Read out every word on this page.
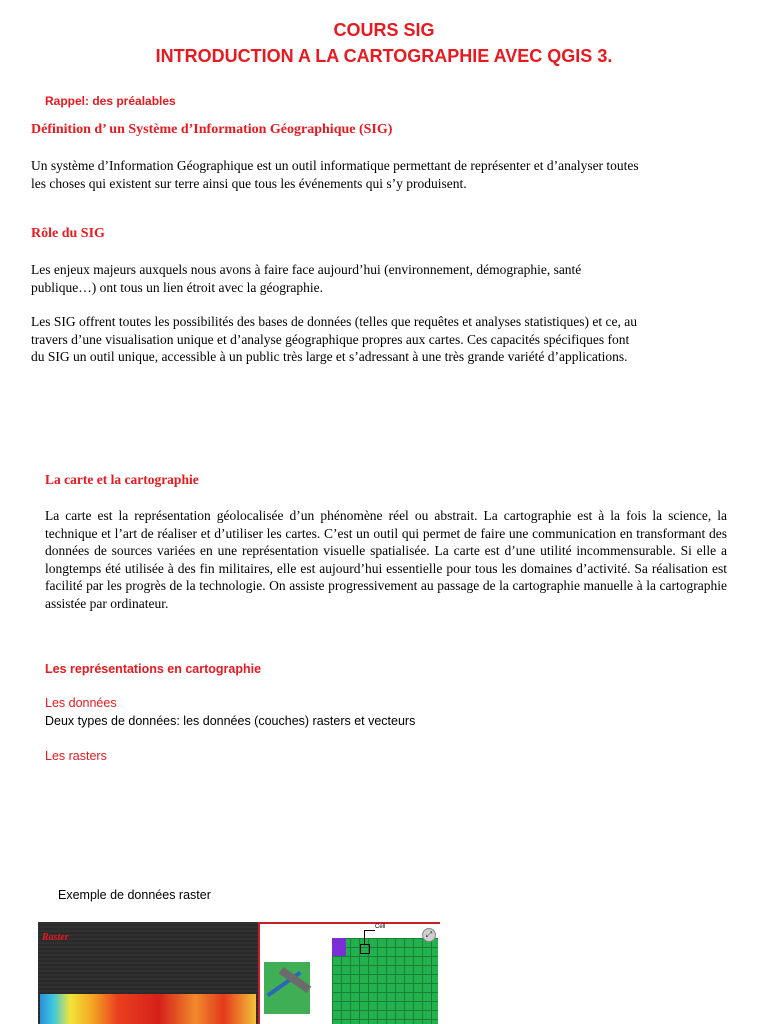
COURS SIG
INTRODUCTION A LA CARTOGRAPHIE AVEC QGIS 3.
Rappel: des préalables
Définition d’ un Système d’Information Géographique (SIG)
Un système d’Information Géographique est un outil informatique permettant de représenter et d’analyser toutes les choses qui existent sur terre ainsi que tous les événements qui s’y produisent.
Rôle du SIG
Les enjeux majeurs auxquels nous avons à faire face aujourd’hui (environnement, démographie, santé publique…) ont tous un lien étroit avec la géographie.
Les SIG offrent toutes les possibilités des bases de données (telles que requêtes et analyses statistiques) et ce, au travers d’une visualisation unique et d’analyse géographique propres aux cartes. Ces capacités spécifiques font du SIG un outil unique, accessible à un public très large et s’adressant à une très grande variété d’applications.
La carte et la cartographie
La carte est la représentation géolocalisée d’un phénomène réel ou abstrait. La cartographie est à la fois la science, la technique et l’art de réaliser et d’utiliser les cartes. C’est un outil qui permet de faire une communication en transformant des données de sources variées en une représentation visuelle spatialisée. La carte est d’une utilité incommensurable. Si elle a longtemps été utilisée à des fin militaires, elle est aujourd’hui essentielle pour tous les domaines d’activité. Sa réalisation est facilité par les progrès de la technologie. On assiste progressivement au passage de la cartographie manuelle à la cartographie assistée par ordinateur.
Les représentations en cartographie
Les données
Deux types de données: les données (couches) rasters et vecteurs
Les rasters
Exemple de données raster
Raster
Cell
⤢
